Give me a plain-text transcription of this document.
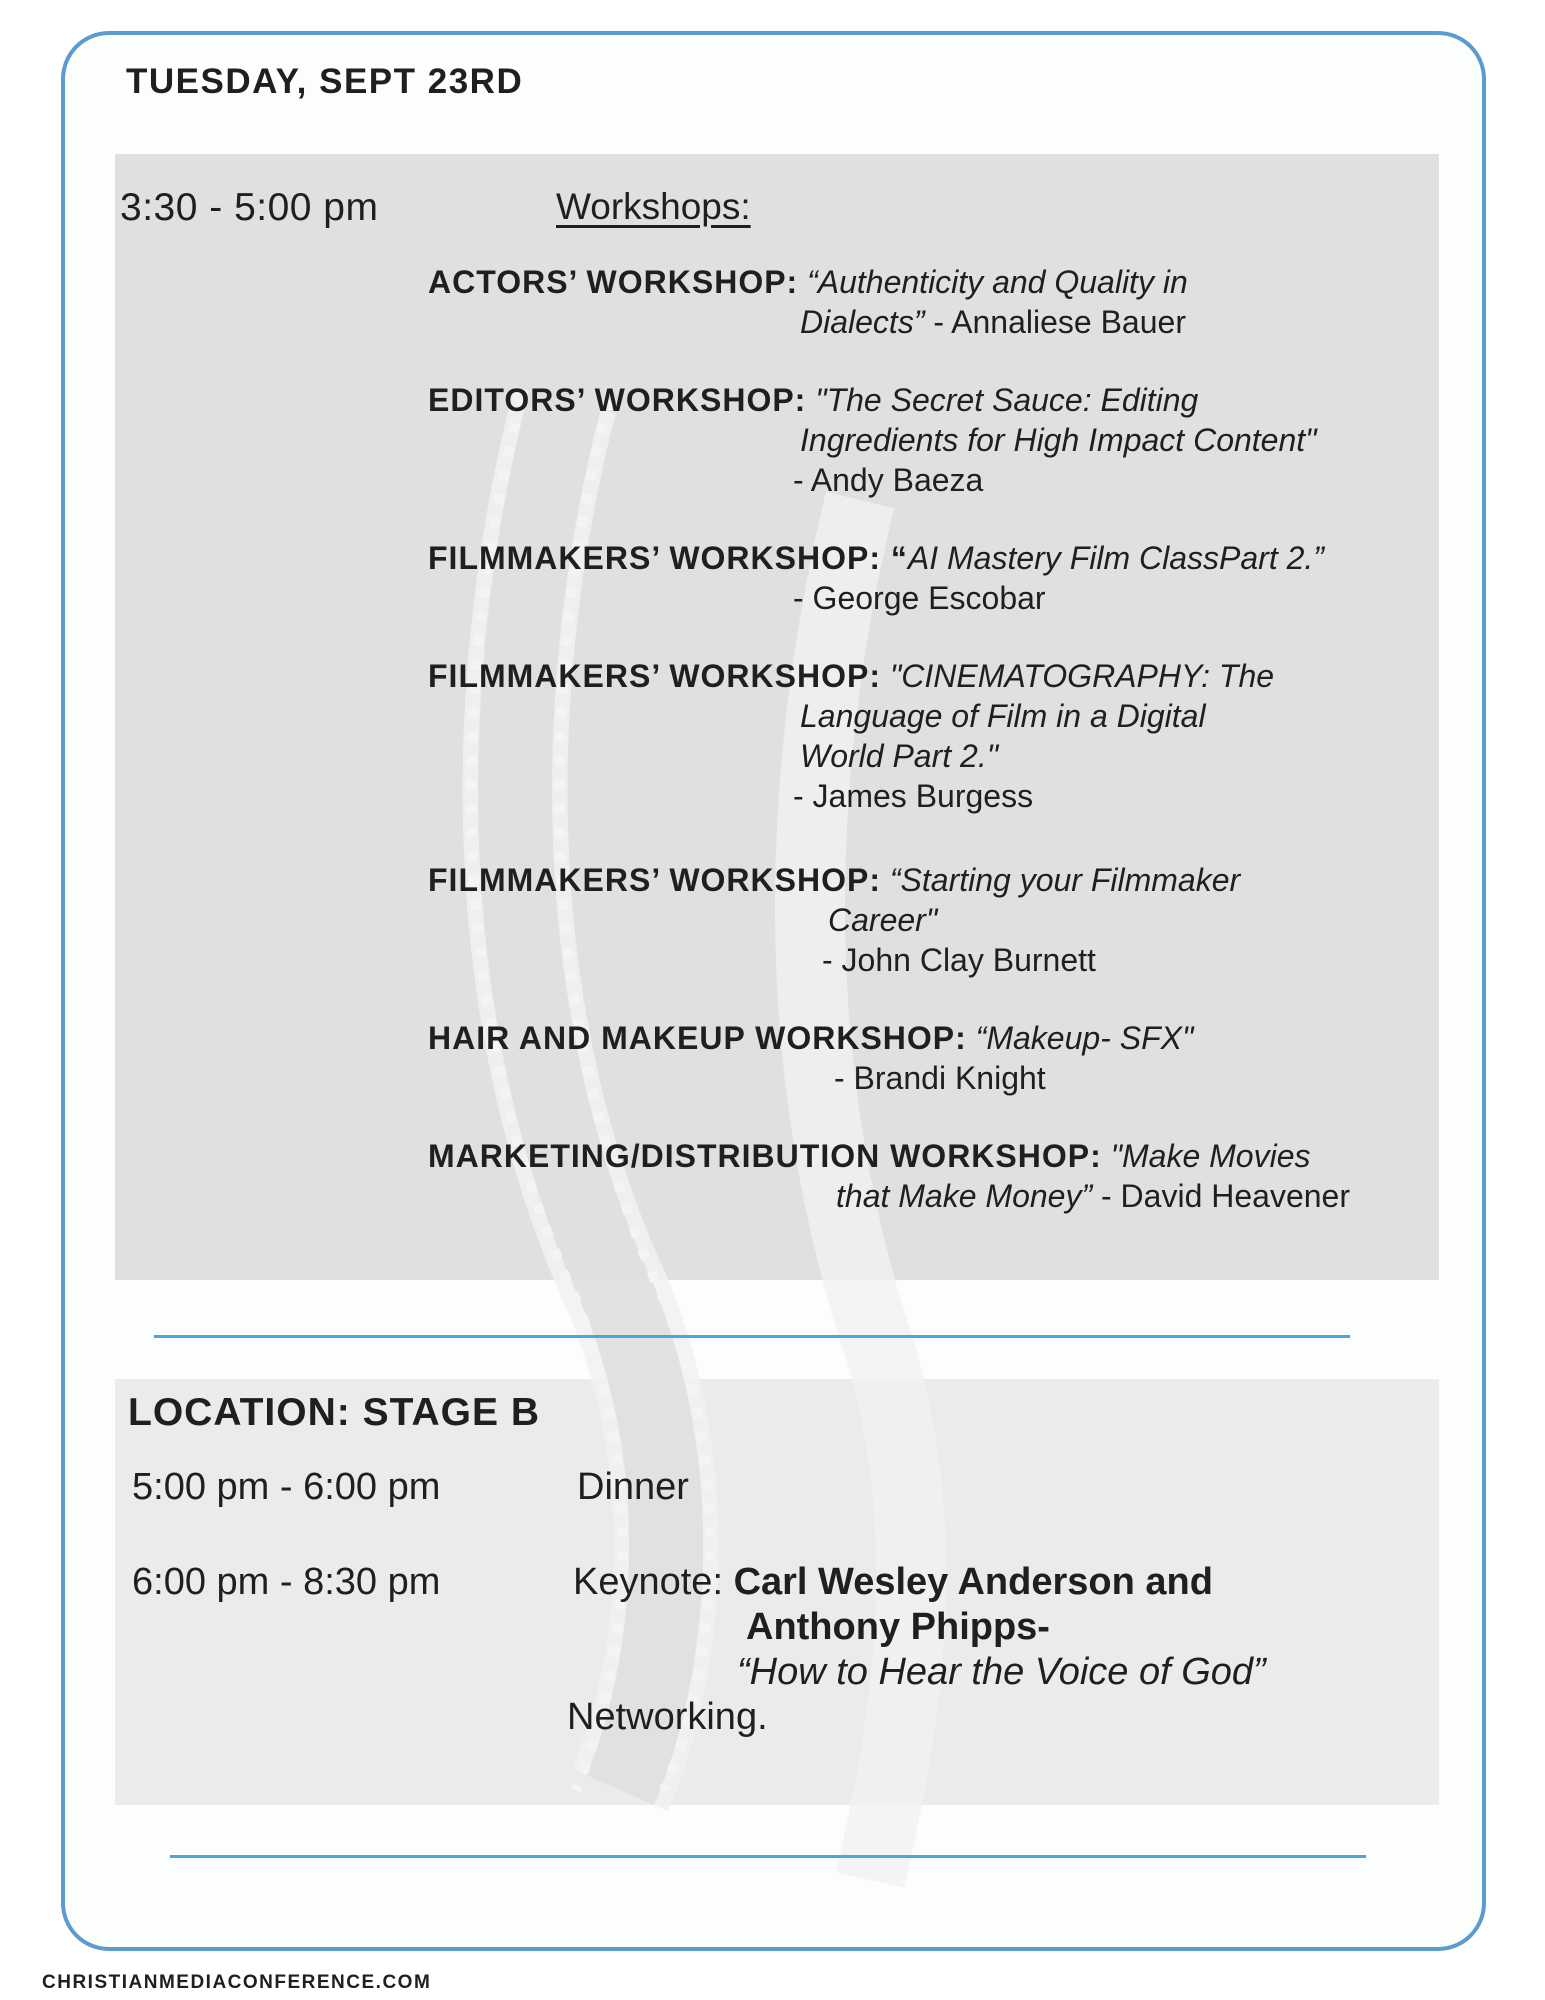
TUESDAY, SEPT 23RD
3:30 - 5:00 pm	Workshops:
ACTORS’ WORKSHOP: “Authenticity and Quality in
Dialects” - Annaliese Bauer
EDITORS’ WORKSHOP: "The Secret Sauce: Editing
Ingredients for High Impact Content"
- Andy Baeza
FILMMAKERS’ WORKSHOP: “AI Mastery Film ClassPart 2.”
- George Escobar
FILMMAKERS’ WORKSHOP: "CINEMATOGRAPHY: The
Language of Film in a Digital
World Part 2."
- James Burgess
FILMMAKERS’ WORKSHOP: “Starting your Filmmaker
Career"
- John Clay Burnett
HAIR AND MAKEUP WORKSHOP: “Makeup- SFX"
- Brandi Knight
MARKETING/DISTRIBUTION WORKSHOP: "Make Movies
that Make Money” - David Heavener
LOCATION: STAGE B
5:00 pm - 6:00 pm	Dinner
6:00 pm - 8:30 pm	Keynote: Carl Wesley Anderson and
Anthony Phipps-
“How to Hear the Voice of God”
Networking.
CHRISTIANMEDIACONFERENCE.COM
